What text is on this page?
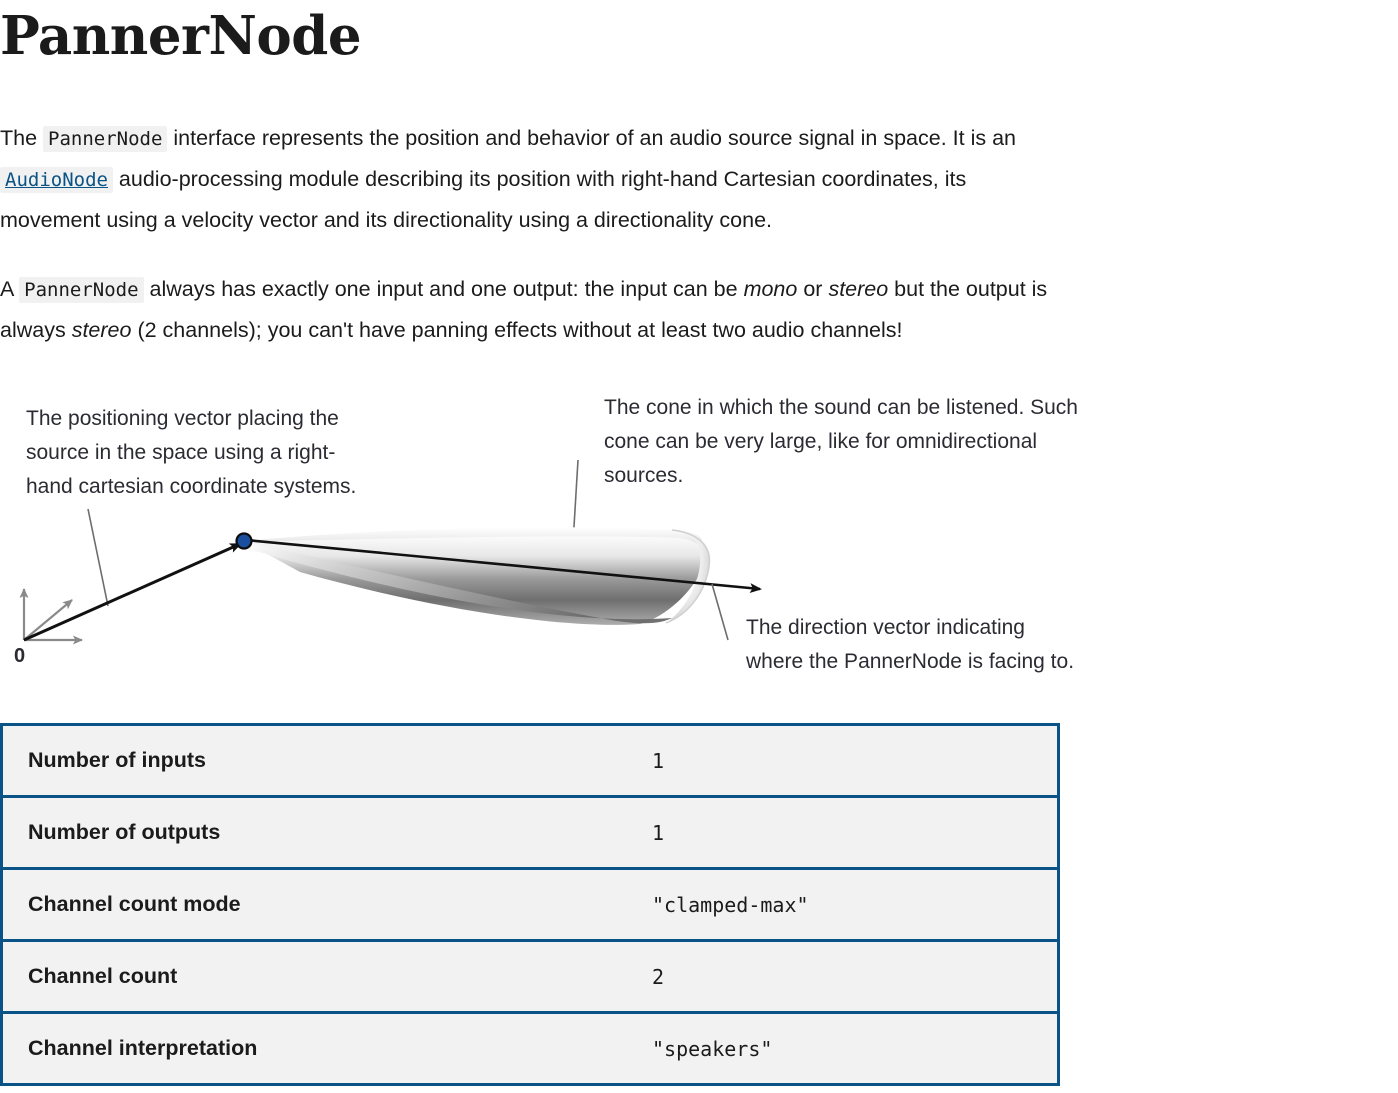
PannerNode

The PannerNode interface represents the position and behavior of an audio source signal in space. It is an AudioNode audio-processing module describing its position with right-hand Cartesian coordinates, its movement using a velocity vector and its directionality using a directionality cone.

A PannerNode always has exactly one input and one output: the input can be mono or stereo but the output is always stereo (2 channels); you can't have panning effects without at least two audio channels!

The positioning vector placing the
source in the space using a right-
hand cartesian coordinate systems.
The cone in which the sound can be listened. Such
cone can be very large, like for omnidirectional
sources.
0
The direction vector indicating
where the PannerNode is facing to.
Number of inputs	1
Number of outputs	1
Channel count mode	"clamped-max"
Channel count	2
Channel interpretation	"speakers"
